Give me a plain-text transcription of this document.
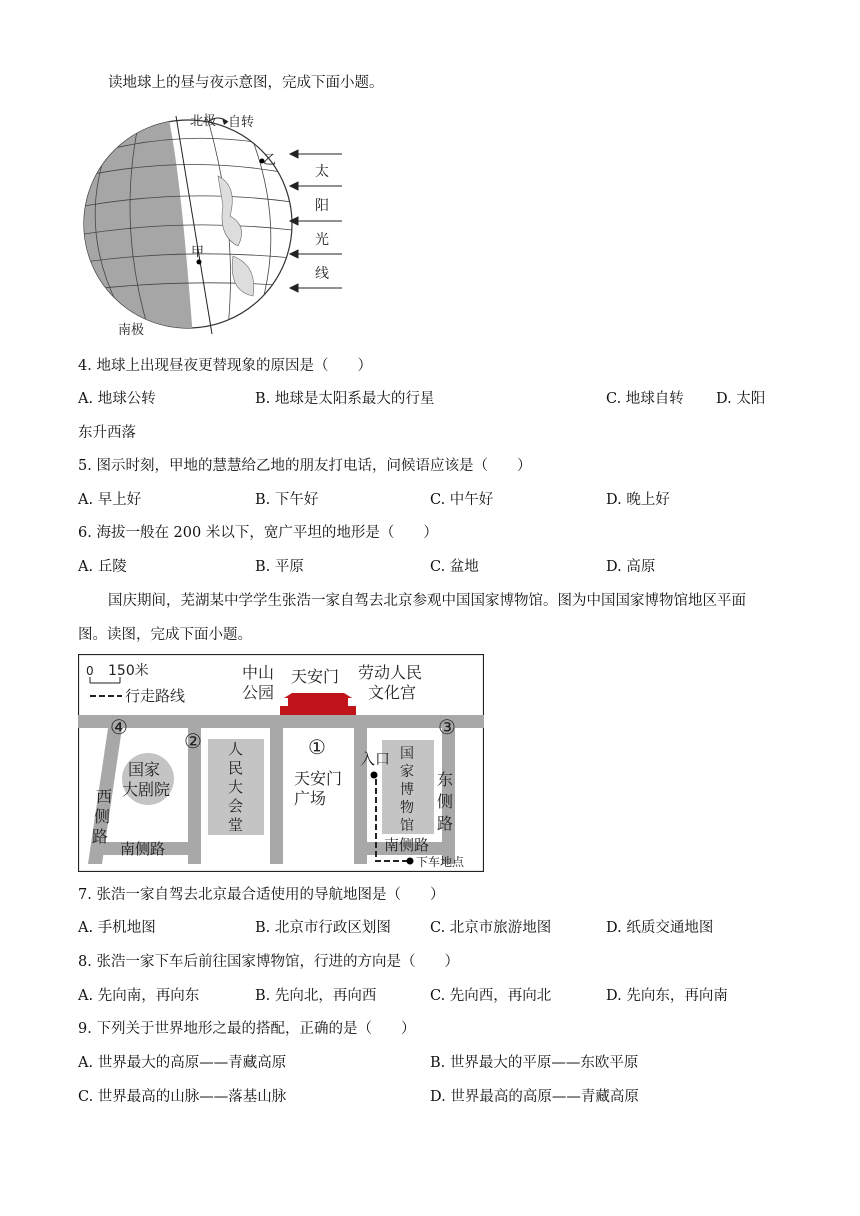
读地球上的昼与夜示意图，完成下面小题。
北极 自转
南极
甲
乙
太
阳
光
线
4. 地球上出现昼夜更替现象的原因是（　　）
A. 地球公转	B. 地球是太阳系最大的行星	C. 地球自转 D. 太阳
东升西落
5. 图示时刻，甲地的慧慧给乙地的朋友打电话，问候语应该是（　　）
A. 早上好	B. 下午好	C. 中午好	D. 晚上好
6. 海拔一般在 200 米以下，宽广平坦的地形是（　　）
A. 丘陵	B. 平原	C. 盆地	D. 高原
国庆期间，芜湖某中学学生张浩一家自驾去北京参观中国国家博物馆。图为中国国家博物馆地区平面
图。读图，完成下面小题。
0 150米
行走路线
中山
公园
天安门 劳动人民
文化宫
④
②	①
③
国家
大剧院
西
侧
路
人
民
大
会
堂
天安门
广场
入口 国
家
博
物
馆
东
侧
路
南侧路	南侧路
下车地点
7. 张浩一家自驾去北京最合适使用的导航地图是（　　）
A. 手机地图	B. 北京市行政区划图	C. 北京市旅游地图	D. 纸质交通地图
8. 张浩一家下车后前往国家博物馆，行进的方向是（　　）
A. 先向南，再向东	B. 先向北，再向西	C. 先向西，再向北	D. 先向东，再向南
9. 下列关于世界地形之最的搭配，正确的是（　　）
A. 世界最大的高原——青藏高原	B. 世界最大的平原——东欧平原
C. 世界最高的山脉——落基山脉	D. 世界最高的高原——青藏高原
